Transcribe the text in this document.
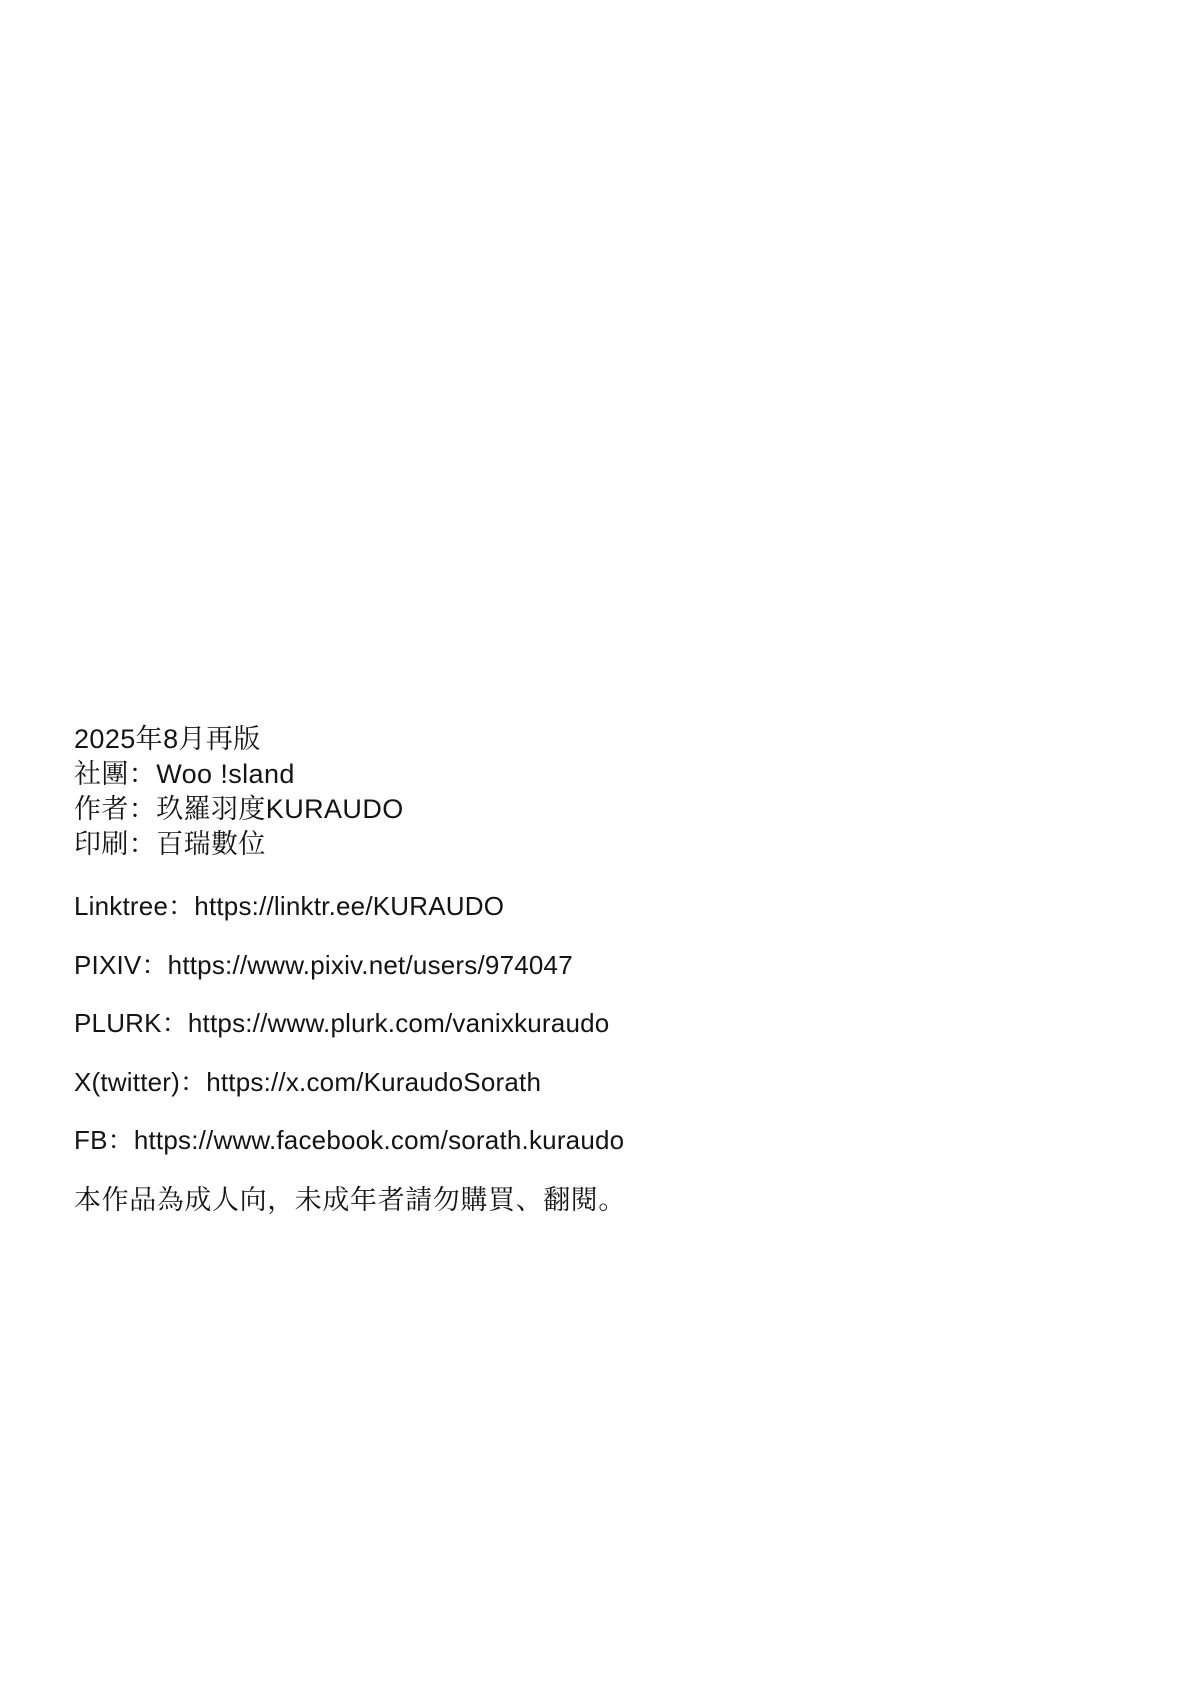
2025年8月再版
社團：Woo !sland
作者：玖羅羽度KURAUDO
印刷：百瑞數位
Linktree：https://linktr.ee/KURAUDO
PIXIV：https://www.pixiv.net/users/974047
PLURK：https://www.plurk.com/vanixkuraudo
X(twitter)：https://x.com/KuraudoSorath
FB：https://www.facebook.com/sorath.kuraudo
本作品為成人向，未成年者請勿購買、翻閱。
